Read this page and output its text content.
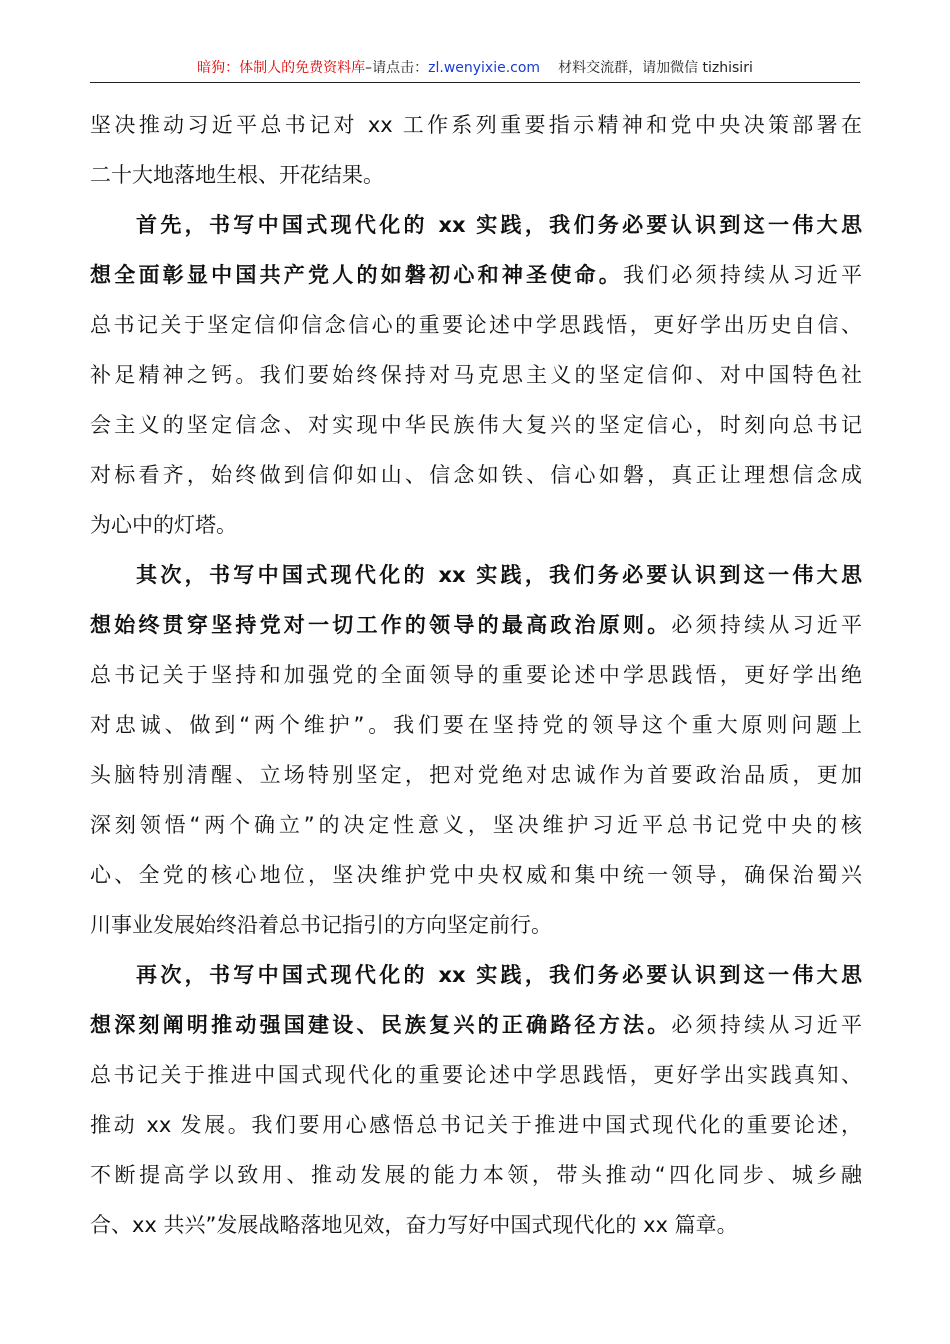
暗狗：体制人的免费资料库–请点击：zl.wenyixie.com 材料交流群，请加微信 tizhisiri
坚决推动习近平总书记对 xx 工作系列重要指示精神和党中央决策部署在
二十大地落地生根、开花结果。
首先，书写中国式现代化的 xx 实践，我们务必要认识到这一伟大思
想全面彰显中国共产党人的如磐初心和神圣使命。我们必须持续从习近平
总书记关于坚定信仰信念信心的重要论述中学思践悟，更好学出历史自信、
补足精神之钙。我们要始终保持对马克思主义的坚定信仰、对中国特色社
会主义的坚定信念、对实现中华民族伟大复兴的坚定信心，时刻向总书记
对标看齐，始终做到信仰如山、信念如铁、信心如磐，真正让理想信念成
为心中的灯塔。
其次，书写中国式现代化的 xx 实践，我们务必要认识到这一伟大思
想始终贯穿坚持党对一切工作的领导的最高政治原则。必须持续从习近平
总书记关于坚持和加强党的全面领导的重要论述中学思践悟，更好学出绝
对忠诚、做到“两个维护”。我们要在坚持党的领导这个重大原则问题上
头脑特别清醒、立场特别坚定，把对党绝对忠诚作为首要政治品质，更加
深刻领悟“两个确立”的决定性意义，坚决维护习近平总书记党中央的核
心、全党的核心地位，坚决维护党中央权威和集中统一领导，确保治蜀兴
川事业发展始终沿着总书记指引的方向坚定前行。
再次，书写中国式现代化的 xx 实践，我们务必要认识到这一伟大思
想深刻阐明推动强国建设、民族复兴的正确路径方法。必须持续从习近平
总书记关于推进中国式现代化的重要论述中学思践悟，更好学出实践真知、
推动 xx 发展。我们要用心感悟总书记关于推进中国式现代化的重要论述，
不断提高学以致用、推动发展的能力本领，带头推动“四化同步、城乡融
合、xx 共兴”发展战略落地见效，奋力写好中国式现代化的 xx 篇章。
